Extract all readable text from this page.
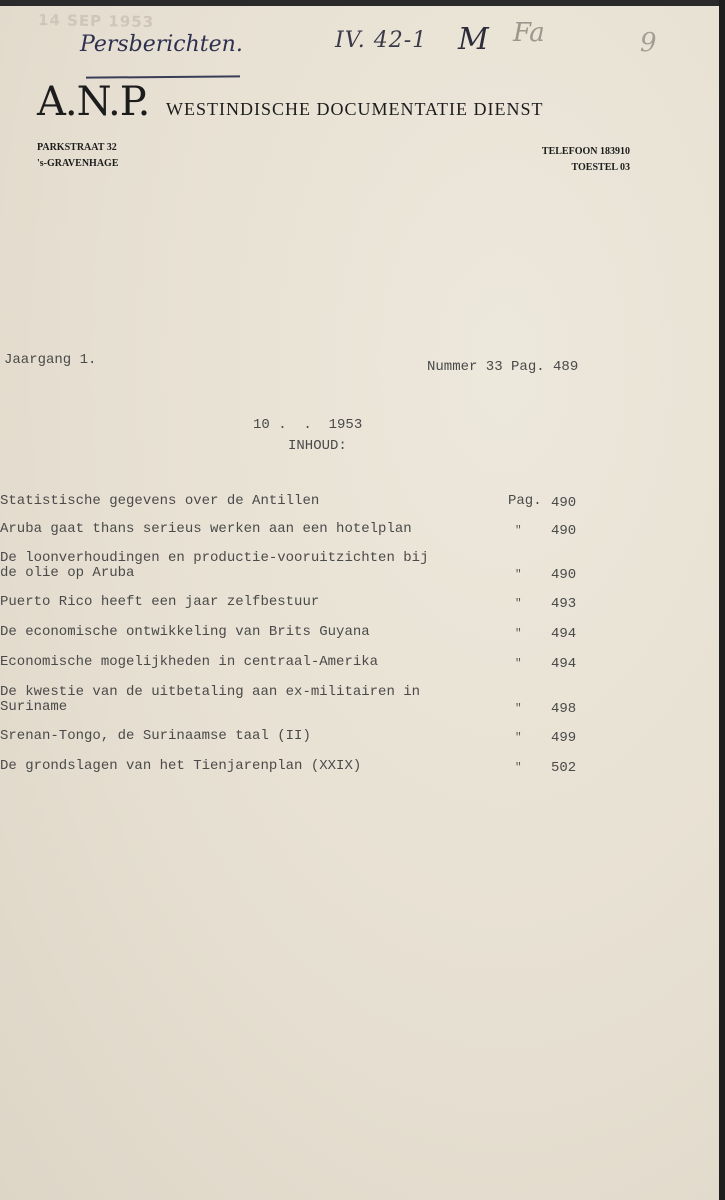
14 SEP 1953
IV. 42-1 M Fa	9
Persberichten.
A.N.P. WESTINDISCHE DOCUMENTATIE DIENST
PARKSTRAAT 32
's-GRAVENHAGE
TELEFOON 183910
TOESTEL 03
Jaargang 1.	Nummer 33 Pag. 489
10 .  .  1953
INHOUD:
Statistische gegevens over de Antillen	Pag. 490
Aruba gaat thans serieus werken aan een hotelplan	" 490
De loonverhoudingen en productie-vooruitzichten bij
de olie op Aruba	" 490
Puerto Rico heeft een jaar zelfbestuur	" 493
De economische ontwikkeling van Brits Guyana	" 494
Economische mogelijkheden in centraal-Amerika	" 494
De kwestie van de uitbetaling aan ex-militairen in
Suriname	" 498
Srenan-Tongo, de Surinaamse taal (II)	" 499
De grondslagen van het Tienjarenplan (XXIX)	" 502
